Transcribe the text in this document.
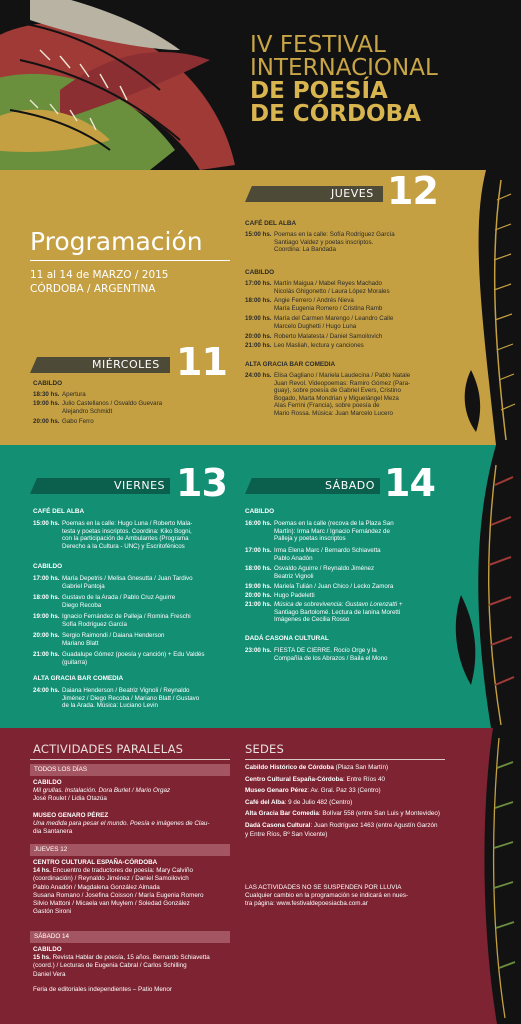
IV FESTIVAL
INTERNACIONAL
DE POESÍA
DE CÓRDOBA
Programación
11 al 14 de MARZO / 2015
CÓRDOBA / ARGENTINA
MIÉRCOLES 11
CABILDO
18:30 hs. Apertura
19:00 hs. Julio Castellanos / Osvaldo Guevara
Alejandro Schmidt
20:00 hs. Gabo Ferro
JUEVES 12
CAFÉ DEL ALBA
15:00 hs. Poemas en la calle: Sofía Rodríguez García
Santiago Valdez y poetas inscriptos.
Coordina: La Bandada
CABILDO
17:00 hs. Martín Maigua / Mabel Reyes Machado
Nicolás Ghigonetto / Laura López Morales
18:00 hs. Angie Ferrero / Andrés Nieva
María Eugenia Romero / Cristina Ramb
19:00 hs. María del Carmen Marengo / Leandro Calle
Marcelo Dughetti / Hugo Luna
20:00 hs. Roberto Malatesta / Daniel Samoilovich
21:00 hs. Leo Masliah, lectura y canciones
ALTA GRACIA BAR COMEDIA
24:00 hs. Elisa Gagliano / Mariela Laudecina / Pablo Natale
Juan Revol. Videopoemas: Ramiro Gómez (Para-
guay), sobre poesía de Gabriel Evers, Cristino
Bogado, Marta Mondrian y Miguelángel Meza
Alas Ferrini (Francia), sobre poesía de
Mario Rossa. Música: Juan Marcelo Lucero
VIERNES 13
CAFÉ DEL ALBA
15:00 hs. Poemas en la calle: Hugo Luna / Roberto Mala-
testa y poetas inscriptos. Coordina: Kiko Bogni,
con la participación de Ambulantes (Programa
Derecho a la Cultura - UNC) y Escritofénicos
CABILDO
17:00 hs. María Depetris / Melisa Gnesutta / Juan Tardivo
Gabriel Pantoja
18:00 hs. Gustavo de la Arada / Pablo Cruz Aguirre
Diego Recoba
19:00 hs. Ignacio Fernández de Palleja / Romina Freschi
Sofía Rodríguez García
20:00 hs. Sergio Raimondi / Daiana Henderson
Mariano Blatt
21:00 hs. Guadalupe Gómez (poesía y canción) + Edu Valdés
(guitarra)
ALTA GRACIA BAR COMEDIA
24:00 hs. Daiana Henderson / Beatriz Vignoli / Reynaldo
Jiménez / Diego Recoba / Mariano Blatt / Gustavo
de la Arada. Música: Luciano Levin
SÁBADO 14
CABILDO
16:00 hs. Poemas en la calle (recova de la Plaza San
Martín): Irma Marc / Ignacio Fernández de
Palleja y poetas inscriptos
17:00 hs. Irma Elena Marc / Bernardo Schiavetta
Pablo Anadón
18:00 hs. Osvaldo Aguirre / Reynaldo Jiménez
Beatriz Vignoli
19:00 hs. Mariela Tulián / Juan Chico / Lecko Zamora
20:00 hs. Hugo Padeletti
21:00 hs. Música de sobrevivencia: Gustavo Lorenzatti +
Santiago Bartolomé. Lectura de Ianina Moretti
Imágenes de Cecilia Rosso
DADÁ CASONA CULTURAL
23:00 hs. FIESTA DE CIERRE. Rocío Orge y la
Compañía de los Abrazos / Baila el Mono
ACTIVIDADES PARALELAS
TODOS LOS DÍAS
CABILDO
Mil grullas. Instalación. Dora Burlet / Mario Orgaz
José Roulet / Lidia Otazúa
MUSEO GENARO PÉREZ
Una medida para pesar el mundo. Poesía e imágenes de Clau-
dia Santanera
JUEVES 12
CENTRO CULTURAL ESPAÑA-CÓRDOBA
14 hs. Encuentro de traductores de poesía: Mary Calviño
(coordinación) / Reynaldo Jiménez / Daniel Samoilovich
Pablo Anadón / Magdalena González Almada
Susana Romano / Josefina Coisson / María Eugenia Romero
Silvio Mattoni / Micaela van Muylem / Soledad González
Gastón Sironi
SÁBADO 14
CABILDO
15 hs. Revista Hablar de poesía, 15 años. Bernardo Schiavetta
(coord.) / Lecturas de Eugenia Cabral / Carlos Schilling
Daniel Vera
Feria de editoriales independientes – Patio Menor
SEDES
Cabildo Histórico de Córdoba (Plaza San Martín)
Centro Cultural España-Córdoba: Entre Ríos 40
Museo Genaro Pérez: Av. Gral. Paz 33 (Centro)
Café del Alba: 9 de Julio 482 (Centro)
Alta Gracia Bar Comedia: Bolívar 558 (entre San Luis y Montevideo)
Dadá Casona Cultural: Juan Rodríguez 1463 (entre Agustín Garzón y Entre Ríos, Bº San Vicente)
LAS ACTIVIDADES NO SE SUSPENDEN POR LLUVIA
Cualquier cambio en la programación se indicará en nues-
tra página: www.festivaldepoesiacba.com.ar
